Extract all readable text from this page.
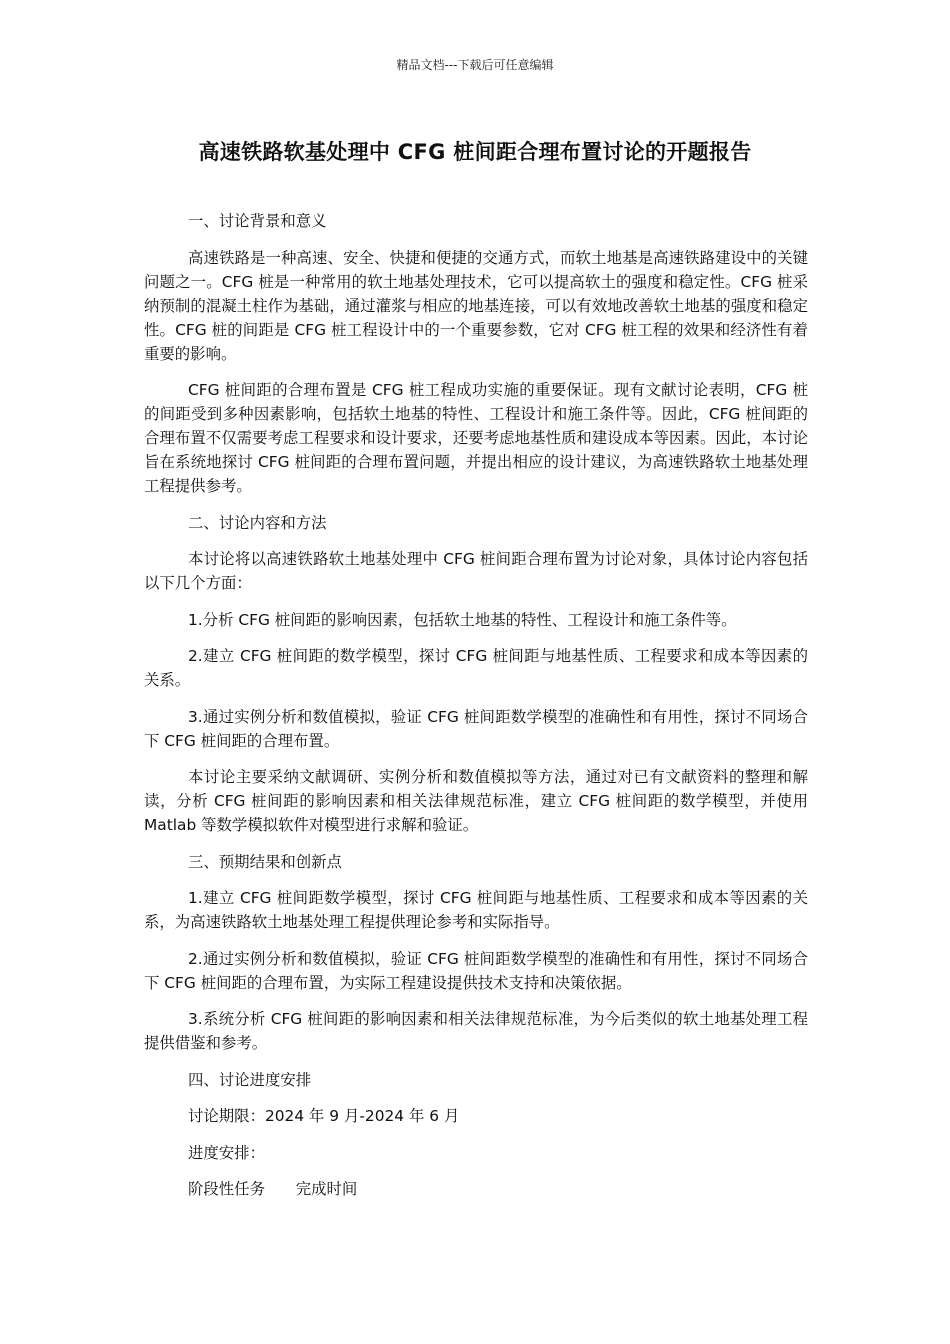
精品文档---下载后可任意编辑
高速铁路软基处理中 CFG 桩间距合理布置讨论的开题报告

一、讨论背景和意义

高速铁路是一种高速、安全、快捷和便捷的交通方式，而软土地基是高速铁路建设中的关键问题之一。CFG 桩是一种常用的软土地基处理技术，它可以提高软土的强度和稳定性。CFG 桩采纳预制的混凝土柱作为基础，通过灌浆与相应的地基连接，可以有效地改善软土地基的强度和稳定性。CFG 桩的间距是 CFG 桩工程设计中的一个重要参数，它对 CFG 桩工程的效果和经济性有着重要的影响。

CFG 桩间距的合理布置是 CFG 桩工程成功实施的重要保证。现有文献讨论表明，CFG 桩的间距受到多种因素影响，包括软土地基的特性、工程设计和施工条件等。因此，CFG 桩间距的合理布置不仅需要考虑工程要求和设计要求，还要考虑地基性质和建设成本等因素。因此，本讨论旨在系统地探讨 CFG 桩间距的合理布置问题，并提出相应的设计建议，为高速铁路软土地基处理工程提供参考。

二、讨论内容和方法

本讨论将以高速铁路软土地基处理中 CFG 桩间距合理布置为讨论对象，具体讨论内容包括以下几个方面：

1.分析 CFG 桩间距的影响因素，包括软土地基的特性、工程设计和施工条件等。

2.建立 CFG 桩间距的数学模型，探讨 CFG 桩间距与地基性质、工程要求和成本等因素的关系。

3.通过实例分析和数值模拟，验证 CFG 桩间距数学模型的准确性和有用性，探讨不同场合下 CFG 桩间距的合理布置。

本讨论主要采纳文献调研、实例分析和数值模拟等方法，通过对已有文献资料的整理和解读，分析 CFG 桩间距的影响因素和相关法律规范标准，建立 CFG 桩间距的数学模型，并使用 Matlab 等数学模拟软件对模型进行求解和验证。

三、预期结果和创新点

1.建立 CFG 桩间距数学模型，探讨 CFG 桩间距与地基性质、工程要求和成本等因素的关系，为高速铁路软土地基处理工程提供理论参考和实际指导。

2.通过实例分析和数值模拟，验证 CFG 桩间距数学模型的准确性和有用性，探讨不同场合下 CFG 桩间距的合理布置，为实际工程建设提供技术支持和决策依据。

3.系统分析 CFG 桩间距的影响因素和相关法律规范标准，为今后类似的软土地基处理工程提供借鉴和参考。

四、讨论进度安排

讨论期限：2024 年 9 月-2024 年 6 月

进度安排：

阶段性任务　　完成时间
